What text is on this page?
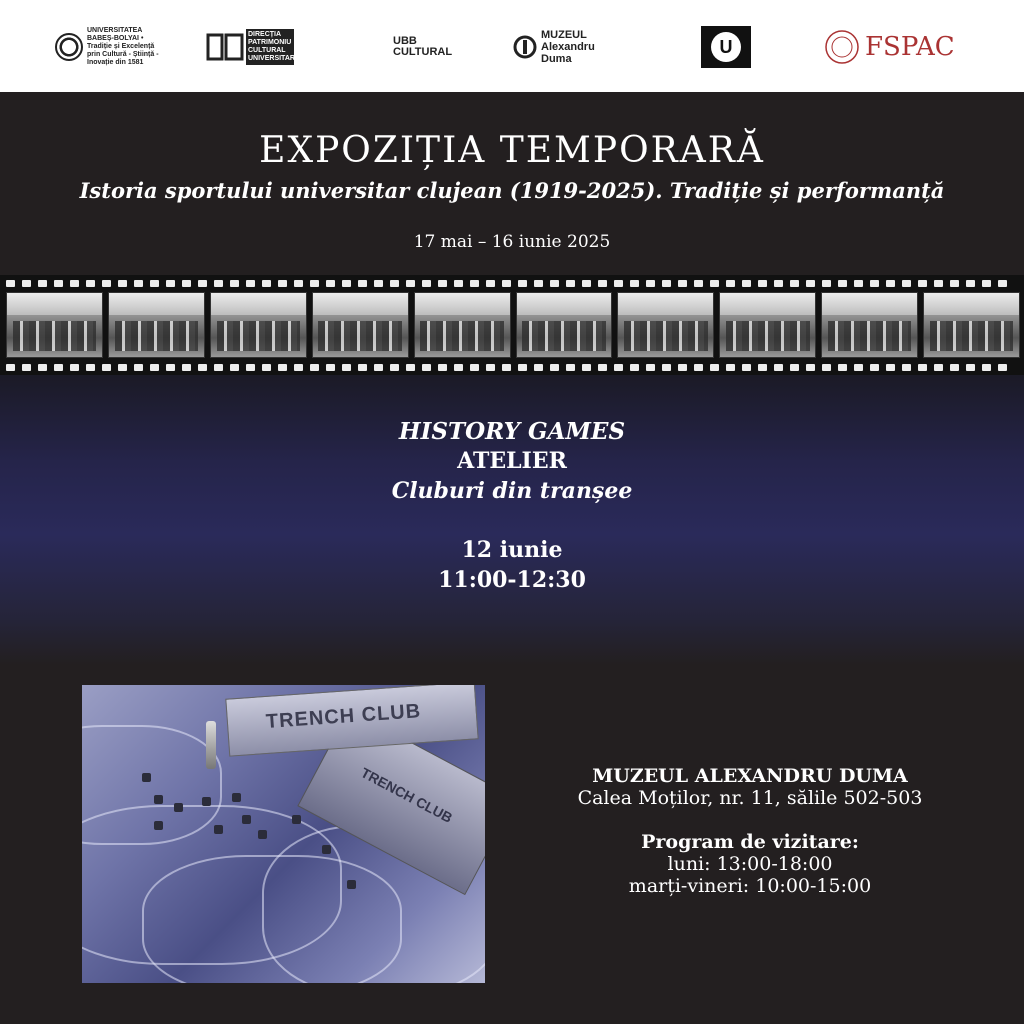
UNIVERSITATEA BABEȘ-BOLYAI • Tradiție și Excelență prin Cultură - Știință - Inovație din 1581
DIRECȚIA PATRIMONIU CULTURAL UNIVERSITAR
UBB CULTURAL
MUZEUL Alexandru Duma
U	FSPAC
EXPOZIȚIA TEMPORARĂ
Istoria sportului universitar clujean (1919-2025). Tradiție și performanță
17 mai – 16 iunie 2025
HISTORY GAMES
ATELIER
Cluburi din tranșee
12 iunie
11:00-12:30
TRENCH CLUB
TRENCH CLUB
MUZEUL ALEXANDRU DUMA
Calea Moților, nr. 11, sălile 502-503
Program de vizitare:
luni: 13:00-18:00
marți-vineri: 10:00-15:00
